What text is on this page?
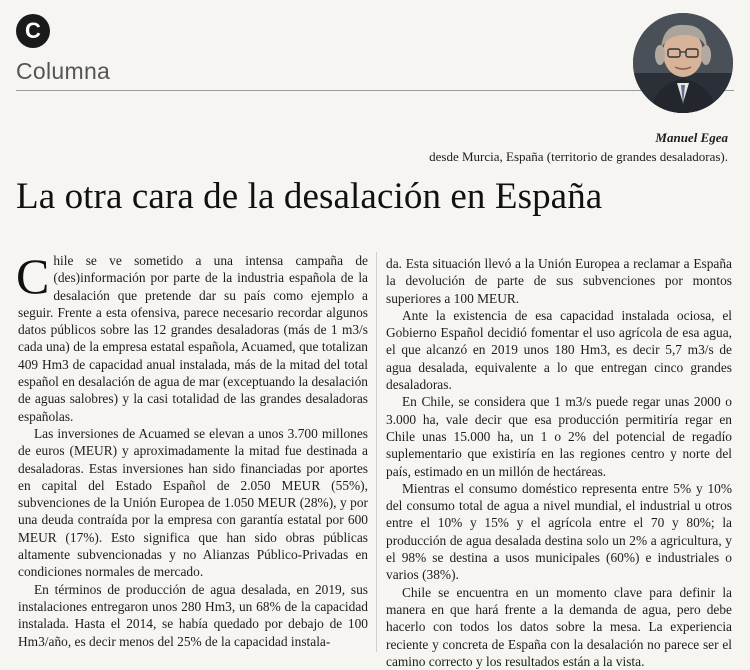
C
Columna
Manuel Egea
desde Murcia, España (territorio de grandes desaladoras).
La otra cara de la desalación en España

Chile se ve sometido a una intensa campaña de (des)información por parte de la industria española de la desalación que pretende dar su país como ejemplo a seguir. Frente a esta ofensiva, parece necesario recordar algunos datos públicos sobre las 12 grandes desaladoras (más de 1 m3/s cada una) de la empresa estatal española, Acuamed, que totalizan 409 Hm3 de capacidad anual instalada, más de la mitad del total español en desalación de agua de mar (exceptuando la desalación de aguas salobres) y la casi totalidad de las grandes desaladoras españolas.

Las inversiones de Acuamed se elevan a unos 3.700 millones de euros (MEUR) y aproximadamente la mitad fue destinada a desaladoras. Estas inversiones han sido financiadas por aportes en capital del Estado Español de 2.050 MEUR (55%), subvenciones de la Unión Europea de 1.050 MEUR (28%), y por una deuda contraída por la empresa con garantía estatal por 600 MEUR (17%). Esto significa que han sido obras públicas altamente subvencionadas y no Alianzas Público-Privadas en condiciones normales de mercado.

En términos de producción de agua desalada, en 2019, sus instalaciones entregaron unos 280 Hm3, un 68% de la capacidad instalada. Hasta el 2014, se había quedado por debajo de 100 Hm3/año, es decir menos del 25% de la capacidad instala-

da. Esta situación llevó a la Unión Europea a reclamar a España la devolución de parte de sus subvenciones por montos superiores a 100 MEUR.

Ante la existencia de esa capacidad instalada ociosa, el Gobierno Español decidió fomentar el uso agrícola de esa agua, el que alcanzó en 2019 unos 180 Hm3, es decir 5,7 m3/s de agua desalada, equivalente a lo que entregan cinco grandes desaladoras.

En Chile, se considera que 1 m3/s puede regar unas 2000 o 3.000 ha, vale decir que esa producción permitiría regar en Chile unas 15.000 ha, un 1 o 2% del potencial de regadío suplementario que existiría en las regiones centro y norte del país, estimado en un millón de hectáreas.

Mientras el consumo doméstico representa entre 5% y 10% del consumo total de agua a nivel mundial, el industrial u otros entre el 10% y 15% y el agrícola entre el 70 y 80%; la producción de agua desalada destina solo un 2% a agricultura, y el 98% se destina a usos municipales (60%) e industriales o varios (38%).

Chile se encuentra en un momento clave para definir la manera en que hará frente a la demanda de agua, pero debe hacerlo con todos los datos sobre la mesa. La experiencia reciente y concreta de España con la desalación no parece ser el camino correcto y los resultados están a la vista.
